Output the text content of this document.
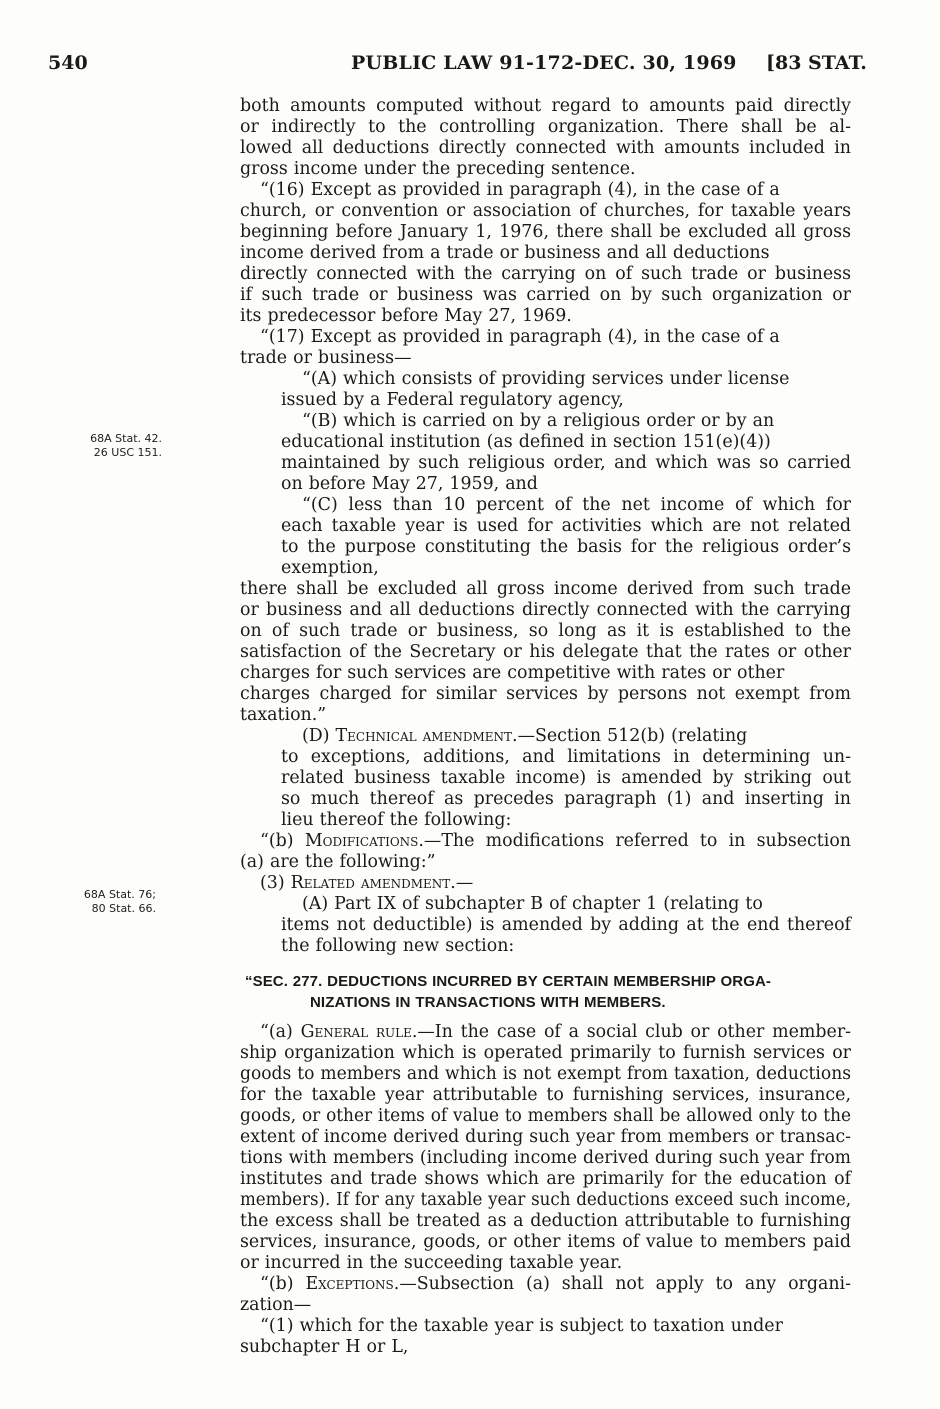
540	PUBLIC LAW 91-172-DEC. 30, 1969 [83 STAT.
68A Stat. 42.
26 USC 151.
68A Stat. 76;
80 Stat. 66.
both amounts computed without regard to amounts paid directly
or indirectly to the controlling organization. There shall be al-
lowed all deductions directly connected with amounts included in
gross income under the preceding sentence.
“(16) Except as provided in paragraph (4), in the case of a
church, or convention or association of churches, for taxable years
beginning before January 1, 1976, there shall be excluded all gross
income derived from a trade or business and all deductions
directly connected with the carrying on of such trade or business
if such trade or business was carried on by such organization or
its predecessor before May 27, 1969.
“(17) Except as provided in paragraph (4), in the case of a
trade or business—
“(A) which consists of providing services under license
issued by a Federal regulatory agency,
“(B) which is carried on by a religious order or by an
educational institution (as defined in section 151(e)(4))
maintained by such religious order, and which was so carried
on before May 27, 1959, and
“(C) less than 10 percent of the net income of which for
each taxable year is used for activities which are not related
to the purpose constituting the basis for the religious order’s
exemption,
there shall be excluded all gross income derived from such trade
or business and all deductions directly connected with the carrying
on of such trade or business, so long as it is established to the
satisfaction of the Secretary or his delegate that the rates or other
charges for such services are competitive with rates or other
charges charged for similar services by persons not exempt from
taxation.”
(D) Technical amendment.—Section 512(b) (relating
to exceptions, additions, and limitations in determining un-
related business taxable income) is amended by striking out
so much thereof as precedes paragraph (1) and inserting in
lieu thereof the following:
“(b) Modifications.—The modifications referred to in subsection
(a) are the following:”
(3) Related amendment.—
(A) Part IX of subchapter B of chapter 1 (relating to
items not deductible) is amended by adding at the end thereof
the following new section:
“SEC. 277. DEDUCTIONS INCURRED BY CERTAIN MEMBERSHIP ORGA-
NIZATIONS IN TRANSACTIONS WITH MEMBERS.
“(a) General rule.—In the case of a social club or other member-
ship organization which is operated primarily to furnish services or
goods to members and which is not exempt from taxation, deductions
for the taxable year attributable to furnishing services, insurance,
goods, or other items of value to members shall be allowed only to the
extent of income derived during such year from members or transac-
tions with members (including income derived during such year from
institutes and trade shows which are primarily for the education of
members). If for any taxable year such deductions exceed such income,
the excess shall be treated as a deduction attributable to furnishing
services, insurance, goods, or other items of value to members paid
or incurred in the succeeding taxable year.
“(b) Exceptions.—Subsection (a) shall not apply to any organi-
zation—
“(1) which for the taxable year is subject to taxation under
subchapter H or L,
